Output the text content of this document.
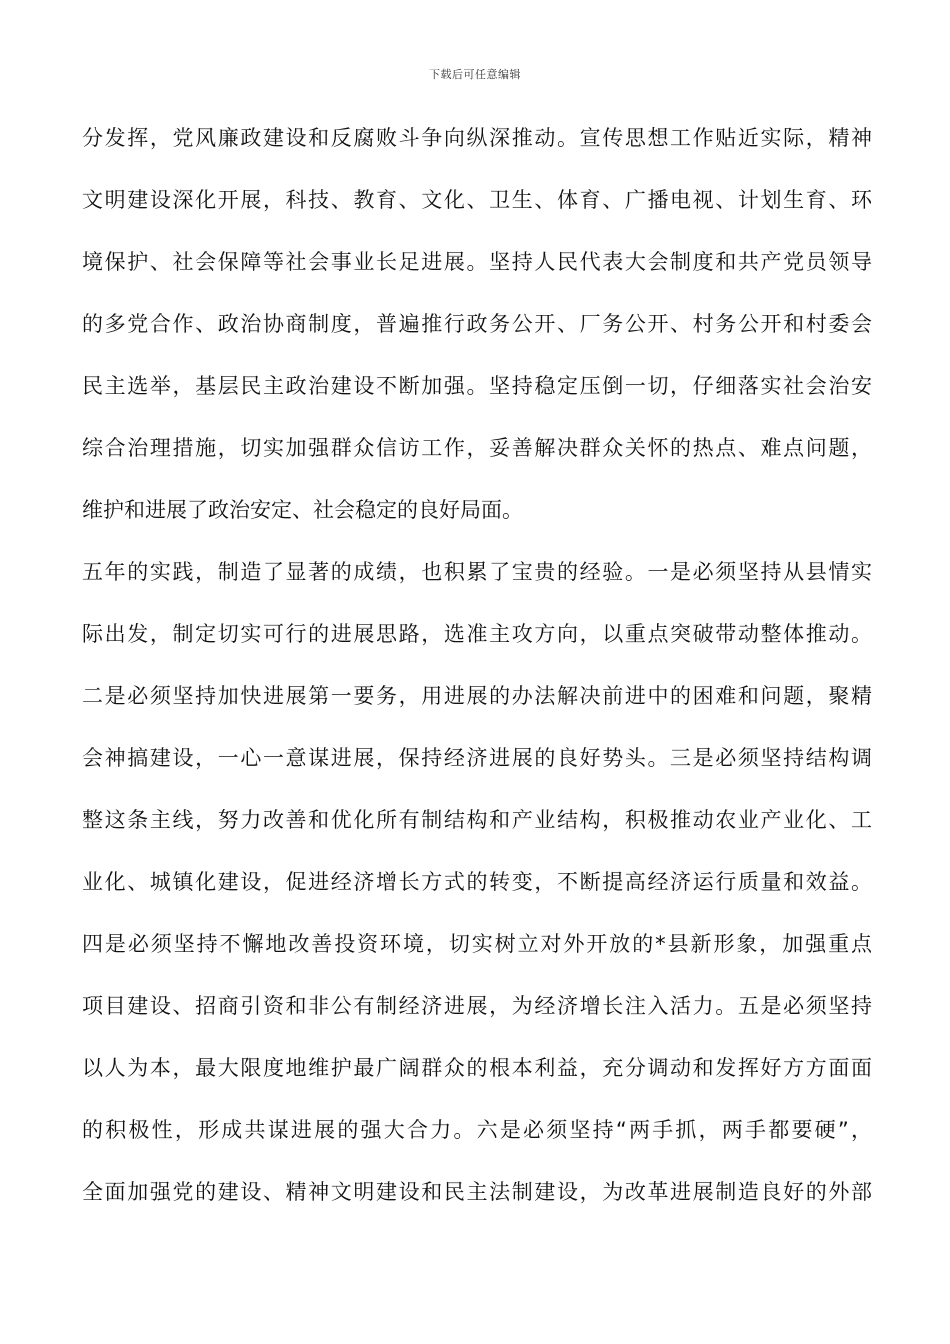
下载后可任意编辑
分发挥，党风廉政建设和反腐败斗争向纵深推动。宣传思想工作贴近实际，精神
文明建设深化开展，科技、教育、文化、卫生、体育、广播电视、计划生育、环
境保护、社会保障等社会事业长足进展。坚持人民代表大会制度和共产党员领导
的多党合作、政治协商制度，普遍推行政务公开、厂务公开、村务公开和村委会
民主选举，基层民主政治建设不断加强。坚持稳定压倒一切，仔细落实社会治安
综合治理措施，切实加强群众信访工作，妥善解决群众关怀的热点、难点问题，
维护和进展了政治安定、社会稳定的良好局面。
五年的实践，制造了显著的成绩，也积累了宝贵的经验。一是必须坚持从县情实
际出发，制定切实可行的进展思路，选准主攻方向，以重点突破带动整体推动。
二是必须坚持加快进展第一要务，用进展的办法解决前进中的困难和问题，聚精
会神搞建设，一心一意谋进展，保持经济进展的良好势头。三是必须坚持结构调
整这条主线，努力改善和优化所有制结构和产业结构，积极推动农业产业化、工
业化、城镇化建设，促进经济增长方式的转变，不断提高经济运行质量和效益。
四是必须坚持不懈地改善投资环境，切实树立对外开放的*县新形象，加强重点
项目建设、招商引资和非公有制经济进展，为经济增长注入活力。五是必须坚持
以人为本，最大限度地维护最广阔群众的根本利益，充分调动和发挥好方方面面
的积极性，形成共谋进展的强大合力。六是必须坚持“两手抓，两手都要硬”，
全面加强党的建设、精神文明建设和民主法制建设，为改革进展制造良好的外部
